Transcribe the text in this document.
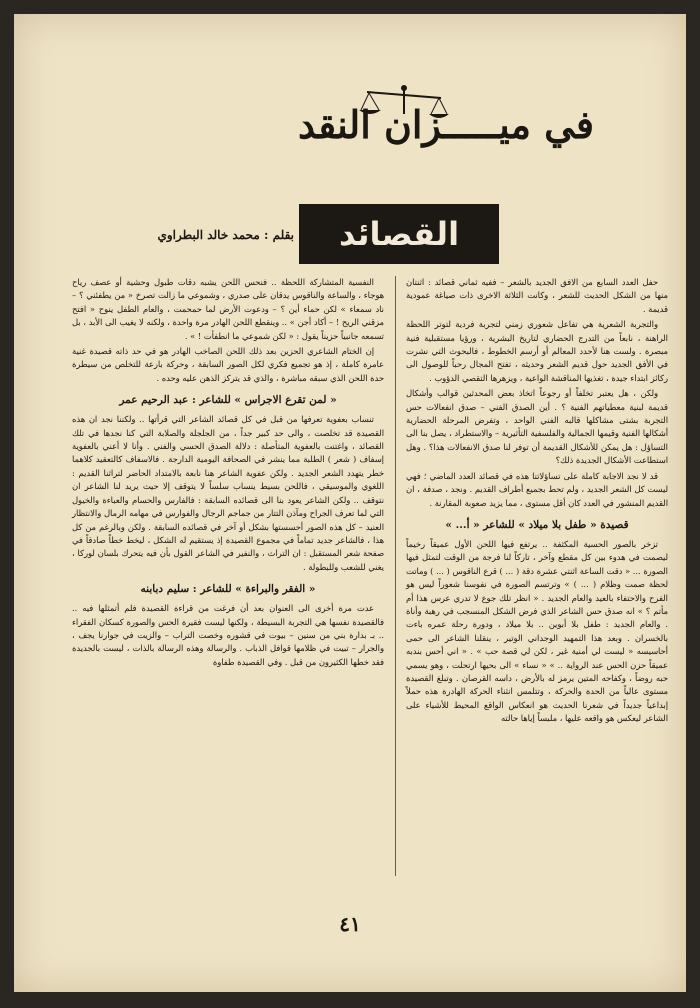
في ميـــــزان النقد
القصائد
بقلم : محمد خالد البطراوي

حفل العدد السابع من الافق الجديد بالشعر – ففيه ثماني قصائد : اثنتان منها من الشكل الحديث للشعر ، وكانت الثلاثة الاخرى ذات صياغة عمودية قديمة .

والتجربة الشعرية هي تفاعل شعوري زمني لتجربة فردية لتوتر اللحظة الراهنة ، نابعاً من التدرج الحضاري لتاريخ البشرية ، ورؤيا مستقبلية فنية مبصرة . ولست هنا لأحدد المعالم أو أرسم الخطوط ، فالبحوث التي نشرت في الأفق الجديد حول قديم الشعر وحديثه ، تفتح المجال رحباً للوصول الى ركائز ابتداء جيدة ، تغذيها المناقشة الواعية ، ويزهرها التقصي الدؤوب .

ولكن ، هل يعتبر تخلفاً أو رجوعاً اتخاذ بعض المحدثين قوالب وأشكال قديمة لبنية معطياتهم الفنية ؟ . أين الصدق الفني – صدق انفعالات حس التجربة بشتى مشاكلها قالبه الفني الواحد ، وتفرض المرحلة الحضارية أشكالها الفنية وقيمها الجمالية والفلسفية التأثيرية – والاستطراد ، يصل بنا الى التساؤل : هل يمكن للأشكال القديمة أن توفر لنا صدق الانفعالات هذا؟ . وهل استطاعت الأشكال الجديدة ذلك؟

قد لا نجد الاجابة كاملة على تساؤلاتنا هذه في قصائد العدد الماضي ؛ فهي ليست كل الشعر الجديد ، ولم تحط بجميع أطراف القديم . ونجد ، صدفة ، ان القديم المنشور في العدد كان أقل مستوى ، مما يزيد صعوبة المقارنة .

قصيدة « طفل بلا ميلاد » للشاعر « أ... »

تزخر بالصور الحسية المكثفة .. يرتفع فيها اللحن الأول عميقاً رخيماً ليصمت في هدوء بين كل مقطع وآخر ، تاركاً لنا فرجة من الوقت لتمثل فيها الصورة ... « دقت الساعة اثنتي عشرة دقة ( ... ) قرع الناقوس ( ... ) وماتت لحظة صمت وظلام ( ... ) » وترتسم الصورة في نفوسنا شعوراً ليس هو الفرح والاحتفاء بالعيد والعام الجديد . « انظر تلك جوع لا تدري عرس هذا أم مأتم ؟ » انه صدق حس الشاعر الذي فرض الشكل المنسجب في رهبة وأناة . والعام الجديد : طفل بلا أبوين .. بلا ميلاد ، ودورة رحلة عمره باءت بالخسران . وبعد هذا التمهيد الوجداني الوتير ، ينقلنا الشاعر الى حمى أحاسيسه « ليست لي أمنية غير ، لكن لي قصة حب » . « اني أحس بندبه عميقاً حزن الحس عند الرواية .. » « نساء » الى بحيها ارتحلت ، وهو يسمي حبه روضاً ، وكفاحه المتين يرمز له بالأرض ، داسه القرصان . وتبلغ القصيدة مستوى عالياً من الحدة والحركة ، وتتلمس انثناء الحركة الهادرة هذه حملاً إبداعياً جديداً في شعرنا الحديث هو انعكاس الواقع المحيط للأشياء على الشاعر ليعكس هو واقعه عليها ، ملبساً إياها حالته

النفسية المتشاركة اللحظة .. فنحس اللحن يشبه دقات طبول وحشية أو عصف رياح هوجاء ، والساعة والناقوس يدقان على صدري ، وشموعي ما زالت تصرخ « من يطفئني ؟ – ناد سمعاء » لكن حماء أين ؟ – ودعوت الأرض لما حمحمت ، والعام الطفل ينوح « افتح مزقني الريح ! – أكاد أجن » .. وينقطع اللحن الهادر مرة واحدة ، ولكنه لا يغيب الى الأبد ، بل تسمعه جانبياً حزيناً يقول : « لكن شموعي ما انطفأت ! » .

إن الختام الشاعري الحزين بعد ذلك اللحن الصاخب الهادر هو في حد ذاته قصيدة غنية عامرة كاملة ، إذ هو تجميع فكري لكل الصور السابقة ، وحركة بارعة للتخلص من سيطرة حدة اللحن الذي سبقه مباشرة ، والذي قد يتركز الذهن عليه وحده .

« لمن تقرع الاجراس » للشاعر : عبد الرحيم عمر

تنساب بعفوية تعرفها من قبل في كل قصائد الشاعر التي قرأتها .. ولكننا نجد ان هذه القصيدة قد تخلصت ، والى حد كبير جداً ، من الجلجلة والصلابة التي كنا نجدها في تلك القصائد ، واغتنت بالعفوية المتأصلة : دلالة الصدق الحسي والفني . وأنا لا أعني بالعفوية إسفاف ( شعر ) الطلبة مما ينشر في الصحافة اليومية الدارجة . فالاسفاف كالتعقيد كلاهما خطر يتهدد الشعر الجديد . ولكن عفوية الشاعر هنا نابعة بالامتداد الحاضر لتراثنا القديم : اللغوي والموسيقي ، فاللحن بسيط ينساب سلساً لا يتوقف إلا حيث يريد لنا الشاعر ان نتوقف .. ولكن الشاعر يعود بنا الى قصائده السابقة : فالفارس والحسام والعباءة والخيول التي لما تعرف الجراح ومآذن التتار من جماجم الرجال والفوارس في مهامه الرمال والانتظار العنيد – كل هذه الصور أحسستها بشكل أو آخر في قصائده السابقة . ولكن وبالرغم من كل هذا ، فالشاعر جديد تماماً في مجموع القصيدة إذ يستقيم له الشكل ، ليخط خطاً صادقاً في صفحة شعر المستقبل : ان التراث ، والنفير في الشاعر القول بأن فيه يتحرك بلسان لوركا ، يغني للشعب وللبطولة .

« الفقر والبراءة » للشاعر : سليم دبابنه

عدت مرة أخرى الى العنوان بعد أن فرغت من قراءة القصيدة فلم أتمثلها فيه .. فالقصيدة نفسها هي التجربة البسيطة ، ولكنها ليست فقيرة الحس والصورة كسكان الفقراء .. بـ بدارة بني من سنين – بيوت في قشوره وخصت التراب – والزيت في جوارنا يجف ، والجرار – تبيت في ظلامها قوافل الذباب . والرسالة وهذه الرسالة بالذات ، ليست بالجديدة فقد خطها الكثيرون من قبل . وفي القصيدة طفاوة

٤١
